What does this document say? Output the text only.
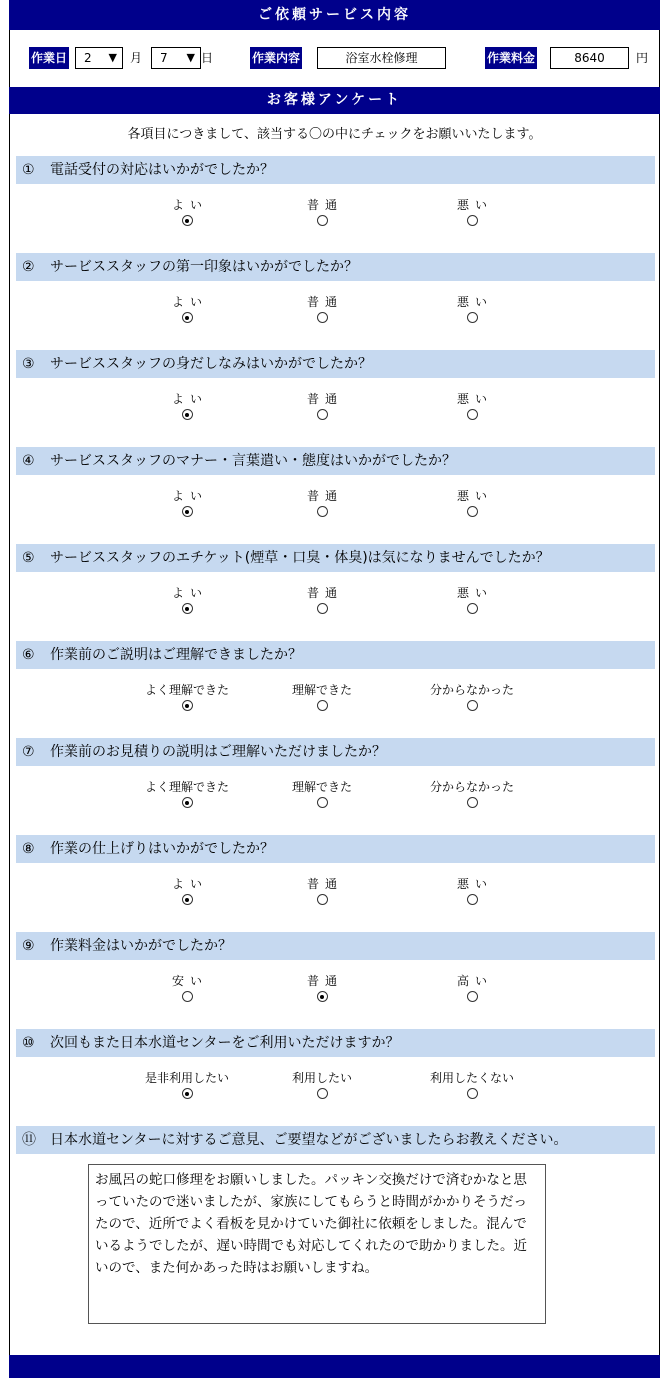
ご依頼サービス内容
作業日	2 ▼ 月	7 ▼ 日	作業内容	浴室水栓修理	作業料金	8640	円
お客様アンケート
各項目につきまして、該当する〇の中にチェックをお願いいたします。
① 電話受付の対応はいかがでしたか？
よい	普通	悪い
② サービススタッフの第一印象はいかがでしたか？
よい	普通	悪い
③ サービススタッフの身だしなみはいかがでしたか？
よい	普通	悪い
④ サービススタッフのマナー・言葉遣い・態度はいかがでしたか？
よい	普通	悪い
⑤ サービススタッフのエチケット(煙草・口臭・体臭)は気になりませんでしたか？
よい	普通	悪い
⑥ 作業前のご説明はご理解できましたか？
よく理解できた	理解できた	分からなかった
⑦ 作業前のお見積りの説明はご理解いただけましたか？
よく理解できた	理解できた	分からなかった
⑧ 作業の仕上げりはいかがでしたか？
よい	普通	悪い
⑨ 作業料金はいかがでしたか？
安い	普通	高い
⑩ 次回もまた日本水道センターをご利用いただけますか？
是非利用したい	利用したい	利用したくない
⑪ 日本水道センターに対するご意見、ご要望などがございましたらお教えください。
お風呂の蛇口修理をお願いしました。パッキン交換だけで済むかなと思っていたので迷いましたが、家族にしてもらうと時間がかかりそうだったので、近所でよく看板を見かけていた御社に依頼をしました。混んでいるようでしたが、遅い時間でも対応してくれたので助かりました。近いので、また何かあった時はお願いしますね。
